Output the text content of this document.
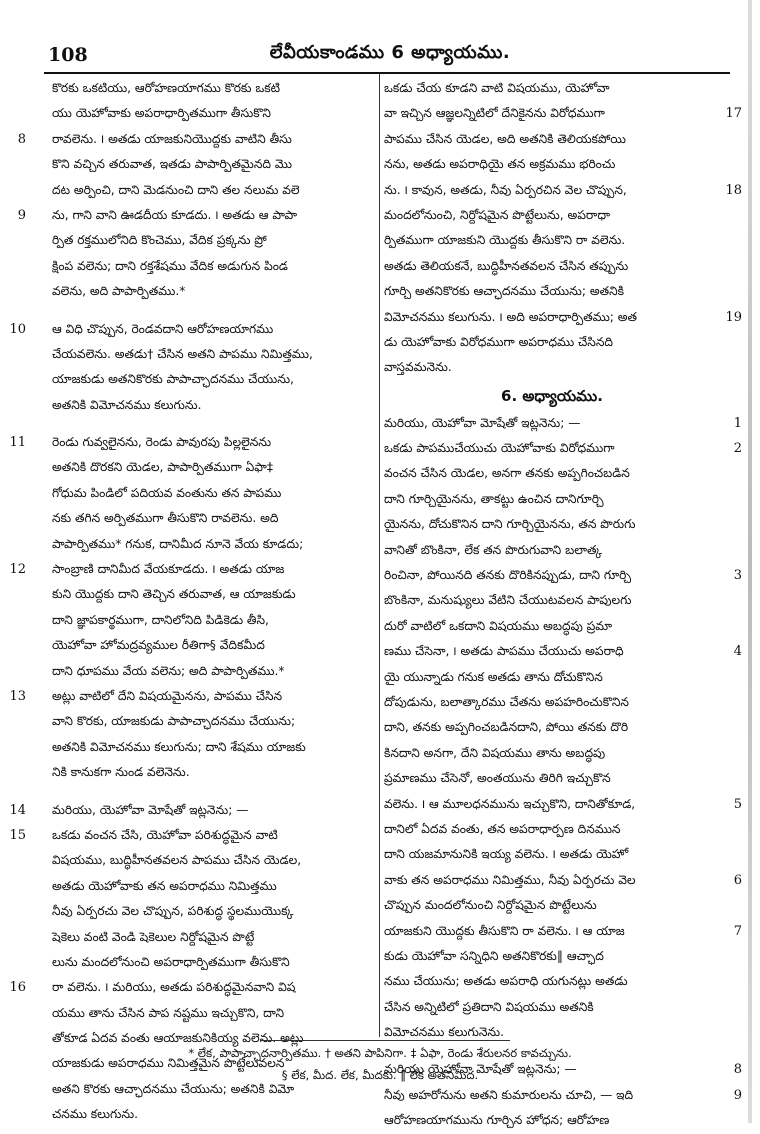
108	లేవీయకాండము 6 అధ్యాయము.
కొరకు ఒకటియు, ఆరోహణయాగము కొరకు ఒకటి
యు యెహోవాకు అపరాధార్పితముగా తీసుకొని
8 రావలెను. ౹ అతడు యాజకునియొద్దకు వాటిని తీసు
కొని వచ్చిన తరువాత, ఇతడు పాపార్పితమైనది మొ
దట అర్పించి, దాని మెడనుంచి దాని తల నలుమ వలె
9 ను, గాని వాని ఊడదీయ కూడదు. ౹ అతడు ఆ పాపా
ర్పిత రక్తములోనిది కొంచెము, వేదిక ప్రక్కను ప్రో
క్షింప వలెను; దాని రక్తశేషము వేదిక అడుగున పిండ
వలెను, అది పాపార్పితము.*
10 ఆ విధి చొప్పున, రెండవదాని ఆరోహణయాగము
చేయవలెను. అతడు† చేసిన అతని పాపము నిమిత్తము,
యాజకుడు అతనికొరకు పాపాచ్ఛాదనము చేయును,
అతనికి విమోచనము కలుగును.
11 రెండు గువ్వలైనను, రెండు పావురపు పిల్లలైనను
అతనికి దొరకని యెడల, పాపార్పితముగా ఏఫా‡
గోధుమ పిండిలో పదియవ వంతును తన పాపము
నకు తగిన అర్పితముగా తీసుకొని రావలెను. అది
పాపార్పితము* గనుక, దానిమీద నూనె వేయ కూడదు;
12 సాంబ్రాణి దానిమీద వేయకూడదు. ౹ అతడు యాజ
కుని యొద్దకు దాని తెచ్చిన తరువాత, ఆ యాజకుడు
దాని జ్ఞాపకార్థముగా, దానిలోనిది పిడికెడు తీసి,
యెహోవా హోమద్రవ్యముల రీతిగా§ వేదికమీద
దాని ధూపము వేయ వలెను; అది పాపార్పితము.*
13 అట్లు వాటిలో దేని విషయమైనను, పాపము చేసిన
వాని కొరకు, యాజకుడు పాపాచ్ఛాదనము చేయును;
అతనికి విమోచనము కలుగును; దాని శేషము యాజకు
నికి కానుకగా నుండ వలెనెను.
14 మరియు, యెహోవా మోషేతో ఇట్లనెను; —
15 ఒకడు వంచన చేసి, యెహోవా పరిశుద్ధమైన వాటి
విషయము, బుద్ధిహీనతవలన పాపము చేసిన యెడల,
అతడు యెహోవాకు తన అపరాధము నిమిత్తము
నీవు ఏర్పరచు వెల చొప్పున, పరిశుద్ధ స్థలముయొక్క
షెకెలు వంటి వెండి షెకెలుల నిర్దోషమైన పొట్టే
లును మందలోనుంచి అపరాధార్పితముగా తీసుకొని
16 రా వలెను. ౹ మరియు, అతడు పరిశుద్ధమైనవాని విష
యము తాను చేసిన పాప నష్టము ఇచ్చుకొని, దాని
తోకూడ ఏదవ వంతు ఆయాజకునికియ్య వలెను. అట్లు
యాజకుడు అపరాధము నిమిత్తమైన పొట్టేలువలన
అతని కొరకు ఆచ్ఛాదనము చేయును; అతనికి విమో
చనము కలుగును.
ఒకడు చేయ కూడని వాటి విషయము, యెహోవా
17
వా ఇచ్చిన ఆజ్ఞలన్నిటిలో దేనికైనను విరోధముగా
పాపము చేసిన యెడల, అది అతనికి తెలియకపోయి
నను, అతడు అపరాధియై తన అక్రమము భరించు
18
ను. ౹ కావున, అతడు, నీవు ఏర్పరచిన వెల చొప్పున,
మందలోనుంచి, నిర్దోషమైన పొట్టేలును, అపరాధా
ర్పితముగా యాజకుని యొద్దకు తీసుకొని రా వలెను.
అతడు తెలియకనే, బుద్ధిహీనతవలన చేసిన తప్పును
గూర్చి అతనికొరకు ఆచ్ఛాదనము చేయును; అతనికి
19
విమోచనము కలుగును. ౹ అది అపరాధార్పితము; అత
డు యెహోవాకు విరోధముగా అపరాధము చేసినది
వాస్తవమనెను.
6. అధ్యాయము.
1
మరియు, యెహోవా మోషేతో ఇట్లనెను; —
2
ఒకడు పాపముచేయుచు యెహోవాకు విరోధముగా
వంచన చేసిన యెడల, అనగా తనకు అప్పగించబడిన
దాని గూర్చియైనను, తాకట్టు ఉంచిన దానిగూర్చి
యైనను, దోచుకొనిన దాని గూర్చియైనను, తన పొరుగు
వానితో బొంకినా, లేక తన పొరుగువాని బలాత్క
3
రించినా, పోయినది తనకు దొరికినప్పుడు, దాని గూర్చి
బొంకినా, మనుష్యులు వేటిని చేయుటవలన పాపులగు
దురో వాటిలో ఒకదాని విషయము అబద్ధపు ప్రమా
4
ణము చేసెనా, ౹ అతడు పాపము చేయుచు అపరాధి
యై యున్నాడు గనుక అతడు తాను దోచుకొనిన
దోపుడును, బలాత్కారము చేతను అపహరించుకొనిన
దాని, తనకు అప్పగించబడినదాని, పోయి తనకు దొరి
కినదాని అనగా, దేని విషయము తాను అబద్ధపు
ప్రమాణము చేసెనో, అంతయును తిరిగి ఇచ్చుకొన
5
వలెను. ౹ ఆ మూలధనమును ఇచ్చుకొని, దానితోకూడ,
దానిలో ఏదవ వంతు, తన అపరాధార్పణ దినమున
దాని యజమానునికి ఇయ్య వలెను. ౹ అతడు యెహో
6
వాకు తన అపరాధము నిమిత్తము, నీవు ఏర్పరచు వెల
చొప్పున మందలోనుంచి నిర్దోషమైన పొట్టేలును
7
యాజకుని యొద్దకు తీసుకొని రా వలెను. ౹ ఆ యాజ
కుడు యెహోవా సన్నిధిని అతనికొరకు‖ ఆచ్ఛాద
నము చేయును; అతడు అపరాధి యగునట్లు అతడు
చేసిన అన్నిటిలో ప్రతిదాని విషయము అతనికి
విమోచనము కలుగునెను.
8
మరియు యెహోవా మోషేతో ఇట్లనెను; —
9
నీవు అహరోనును అతని కుమారులను చూచి, — ఇది
ఆరోహణయాగమును గూర్చిన హోధన; ఆరోహణ
* లేక, పాపాచ్ఛాదనార్పితము. † అతని పాపినిగా. ‡ ఏఫా, రెండు శేరులనర కావచ్చును.
§ లేక, మీద. లేక, మీదకు. ‖ లేక అతనిమీద.
